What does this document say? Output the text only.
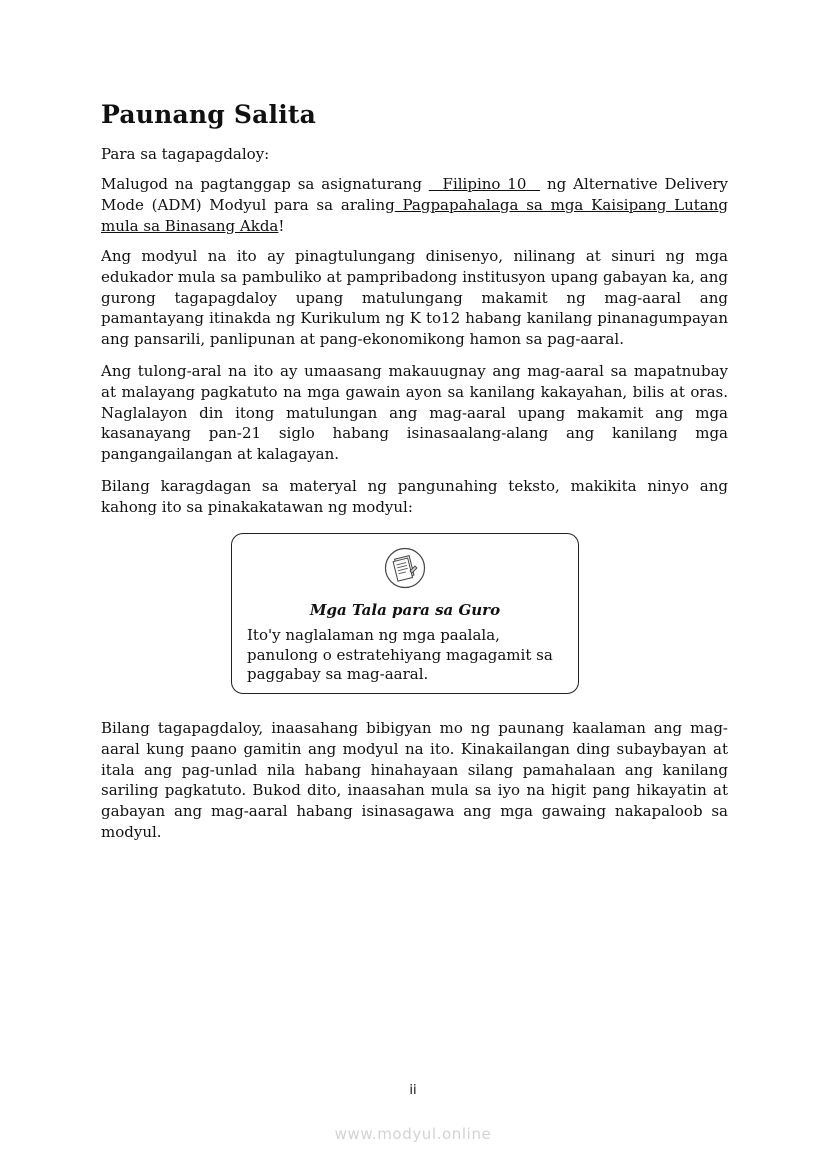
Paunang Salita

Para sa tagapagdaloy:

Malugod na pagtanggap sa asignaturang   Filipino 10   ng Alternative Delivery Mode (ADM) Modyul para sa araling Pagpapahalaga sa mga Kaisipang Lutang mula sa Binasang Akda!

Ang modyul na ito ay pinagtulungang dinisenyo, nilinang at sinuri ng mga edukador mula sa pambuliko at pampribadong institusyon upang gabayan ka, ang gurong tagapagdaloy upang matulungang makamit ng mag-aaral ang pamantayang itinakda ng Kurikulum ng K to12 habang kanilang pinanagumpayan ang pansarili, panlipunan at pang-ekonomikong hamon sa pag-aaral.

Ang tulong-aral na ito ay umaasang makauugnay ang mag-aaral sa mapatnubay at malayang pagkatuto na mga gawain ayon sa kanilang kakayahan, bilis at oras. Naglalayon din itong matulungan ang mag-aaral upang makamit ang mga kasanayang pan-21 siglo habang isinasaalang-alang ang kanilang mga pangangailangan at kalagayan.

Bilang karagdagan sa materyal ng pangunahing teksto, makikita ninyo ang kahong ito sa pinakakatawan ng modyul:

Mga Tala para sa Guro
Ito'y naglalaman ng mga paalala, panulong o estratehiyang magagamit sa paggabay sa mag-aaral.

Bilang tagapagdaloy, inaasahang bibigyan mo ng paunang kaalaman ang mag-aaral kung paano gamitin ang modyul na ito. Kinakailangan ding subaybayan at itala ang pag-unlad nila habang hinahayaan silang pamahalaan ang kanilang sariling pagkatuto. Bukod dito, inaasahan mula sa iyo na higit pang hikayatin at gabayan ang mag-aaral habang isinasagawa ang mga gawaing nakapaloob sa modyul.

ii
www.modyul.online
